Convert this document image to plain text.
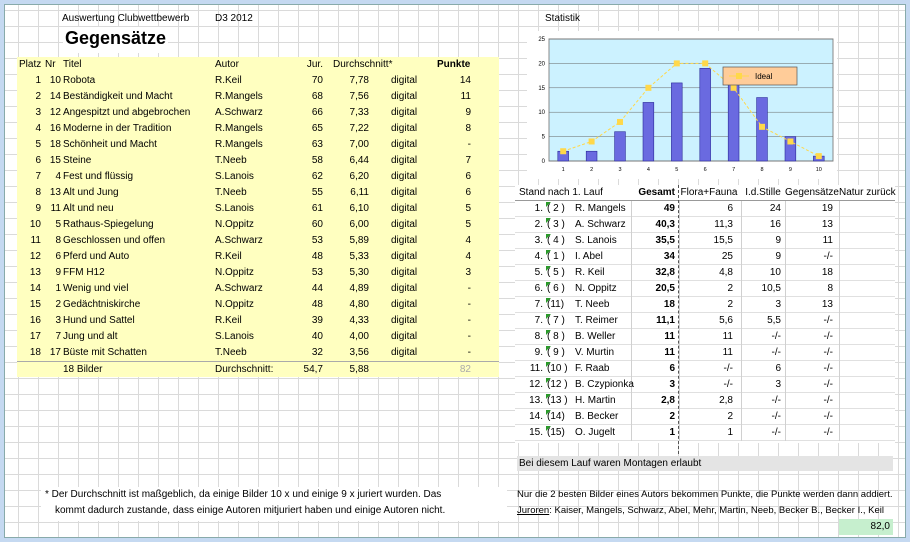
Auswertung Clubwettbewerb	D3 2012	Statistik
Gegensätze
Platz Nr Titel	Autor	Jur. Durchschnitt*	Punkte
1 10 Robota	R.Keil	70	7,78 digital	14
2 14 Beständigkeit und Macht	R.Mangels	68	7,56 digital	11
3 12 Angespitzt und abgebrochen	A.Schwarz	66	7,33 digital	9
4 16 Moderne in der Tradition	R.Mangels	65	7,22 digital	8
5 18 Schönheit und Macht	R.Mangels	63	7,00 digital	-
6 15 Steine	T.Neeb	58	6,44 digital	7
7	4 Fest und flüssig	S.Lanois	62	6,20 digital	6
8 13 Alt und Jung	T.Neeb	55	6,11 digital	6
9 11 Alt und neu	S.Lanois	61	6,10 digital	5
10	5 Rathaus-Spiegelung	N.Oppitz	60	6,00 digital	5
11	8 Geschlossen und offen	A.Schwarz	53	5,89 digital	4
12	6 Pferd und Auto	R.Keil	48	5,33 digital	4
13	9 FFM H12	N.Oppitz	53	5,30 digital	3
14	1 Wenig und viel	A.Schwarz	44	4,89 digital	-
15	2 Gedächtniskirche	N.Oppitz	48	4,80 digital	-
16	3 Hund und Sattel	R.Keil	39	4,33 digital	-
17	7 Jung und alt	S.Lanois	40	4,00 digital	-
18 17 Büste mit Schatten	T.Neeb	32	3,56 digital	-
18 Bilder	Durchschnitt:	54,7	5,88	82
* Der Durchschnitt ist maßgeblich, da einige Bilder 10 x und einige 9 x juriert wurden. Das
kommt dadurch zustande, dass einige Autoren mitjuriert haben und einige Autoren nicht.
0
5
10
15
20
25
1	2	3	4	5	6	7	8	9	10
Ideal
Stand nach 1. Lauf	Gesamt Flora+Fauna I.d.Stille Gegensätze Natur zurück
1. ( 2 )	R. Mangels	49	6	24	19
2. ( 3 )	A. Schwarz	40,3	11,3	16	13
3. ( 4 )	S. Lanois	35,5	15,5	9	11
4. ( 1 )	I. Abel	34	25	9	-/-
5. ( 5 )	R. Keil	32,8	4,8	10	18
6. ( 6 )	N. Oppitz	20,5	2	10,5	8
7. (11)	T. Neeb	18	2	3	13
7. ( 7 )	T. Reimer	11,1	5,6	5,5	-/-
8. ( 8 )	B. Weller	11	11	-/-	-/-
9. ( 9 )	V. Murtin	11	11	-/-	-/-
11. (10 ) F. Raab	6	-/-	6	-/-
12. (12 ) B. Czypionka	3	-/-	3	-/-
13. (13 ) H. Martin	2,8	2,8	-/-	-/-
14. (14)	B. Becker	2	2	-/-	-/-
15. (15)	O. Jugelt	1	1	-/-	-/-
Bei diesem Lauf waren Montagen erlaubt
Nur die 2 besten Bilder eines Autors bekommen Punkte, die Punkte werden dann addiert.
Juroren: Kaiser, Mangels, Schwarz, Abel, Mehr, Martin, Neeb, Becker B., Becker I., Keil
82,0
